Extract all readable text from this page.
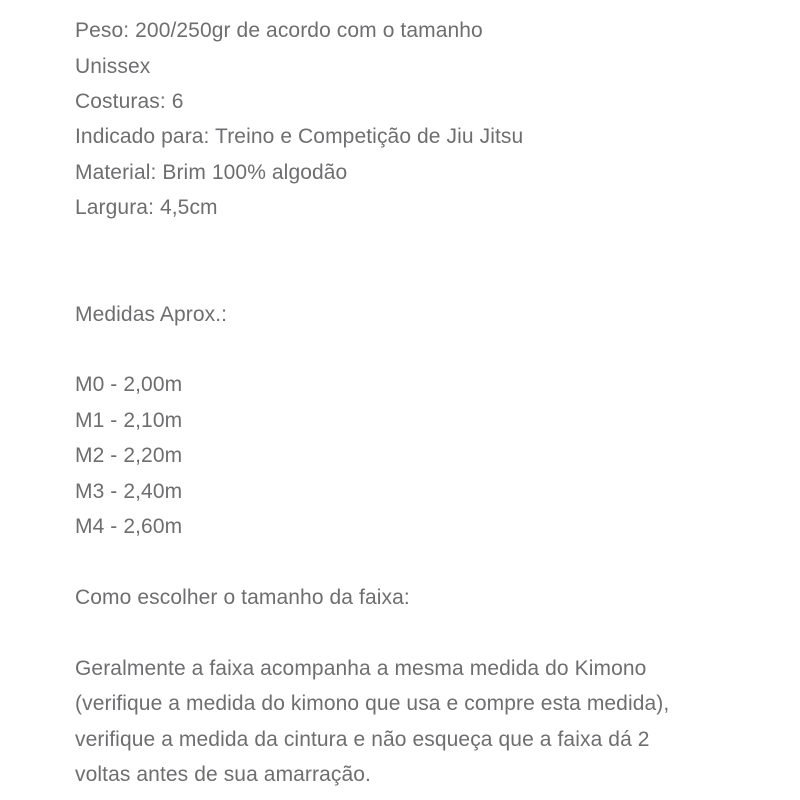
Peso: 200/250gr de acordo com o tamanho
Unissex
Costuras: 6
Indicado para: Treino e Competição de Jiu Jitsu
Material: Brim 100% algodão
Largura: 4,5cm
Medidas Aprox.:
M0 - 2,00m
M1 - 2,10m
M2 - 2,20m
M3 - 2,40m
M4 - 2,60m
Como escolher o tamanho da faixa:
Geralmente a faixa acompanha a mesma medida do Kimono
(verifique a medida do kimono que usa e compre esta medida),
verifique a medida da cintura e não esqueça que a faixa dá 2
voltas antes de sua amarração.
